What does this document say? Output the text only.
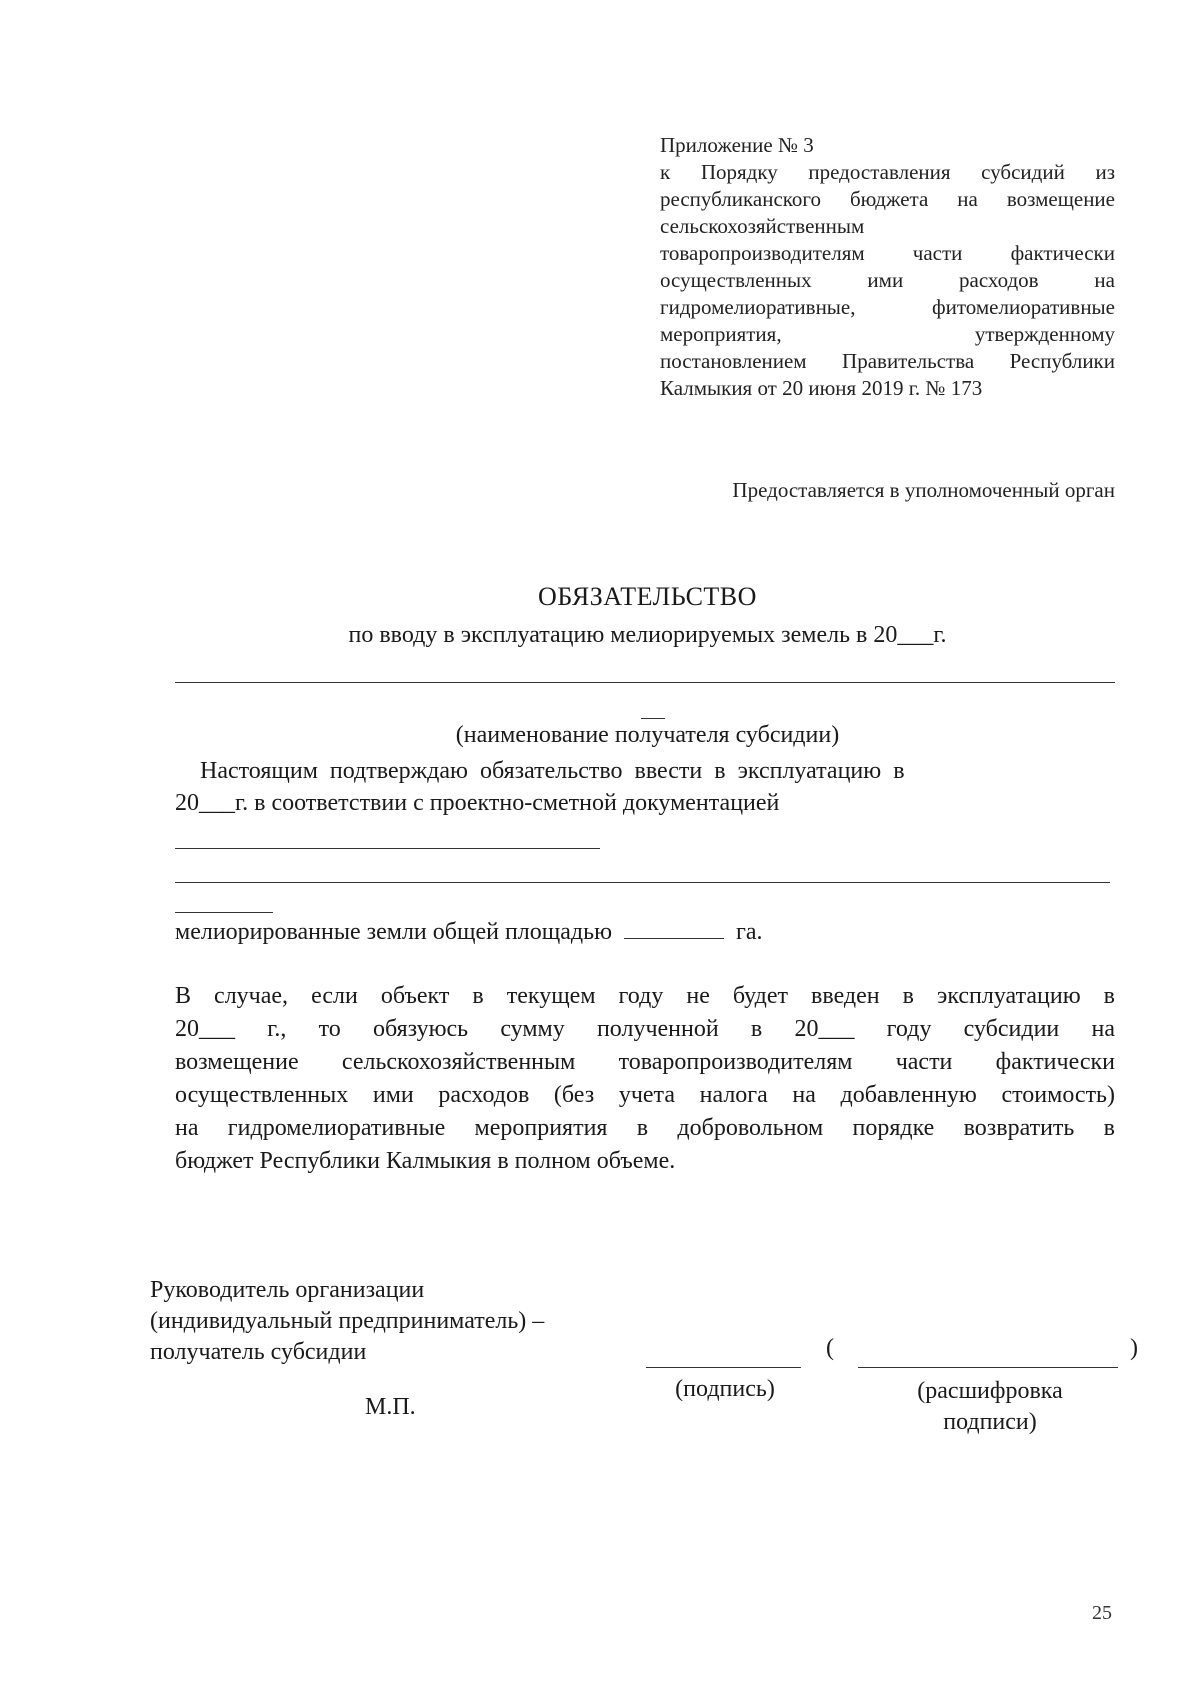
Приложение № 3
к Порядку предоставления субсидий из
республиканского бюджета на возмещение
сельскохозяйственным
товаропроизводителям части фактически
осуществленных ими расходов на
гидромелиоративные, фитомелиоративные
мероприятия, утвержденному
постановлением Правительства Республики
Калмыкия от 20 июня 2019 г. № 173
Предоставляется в уполномоченный орган
ОБЯЗАТЕЛЬСТВО
по вводу в эксплуатацию мелиорируемых земель в 20___г.
(наименование получателя субсидии)
Настоящим подтверждаю обязательство ввести в эксплуатацию в
20___г. в соответствии с проектно-сметной документацией
мелиорированные земли общей площадью	га.
В случае, если объект в текущем году не будет введен в эксплуатацию в
20___ г., то обязуюсь сумму полученной в 20___ году субсидии на
возмещение сельскохозяйственным товаропроизводителям части фактически
осуществленных ими расходов (без учета налога на добавленную стоимость)
на гидромелиоративные мероприятия в добровольном порядке возвратить в
бюджет Республики Калмыкия в полном объеме.
Руководитель организации
(индивидуальный предприниматель) –
получатель субсидии
М.П.
(	)
(подпись)	(расшифровка
подписи)
25
